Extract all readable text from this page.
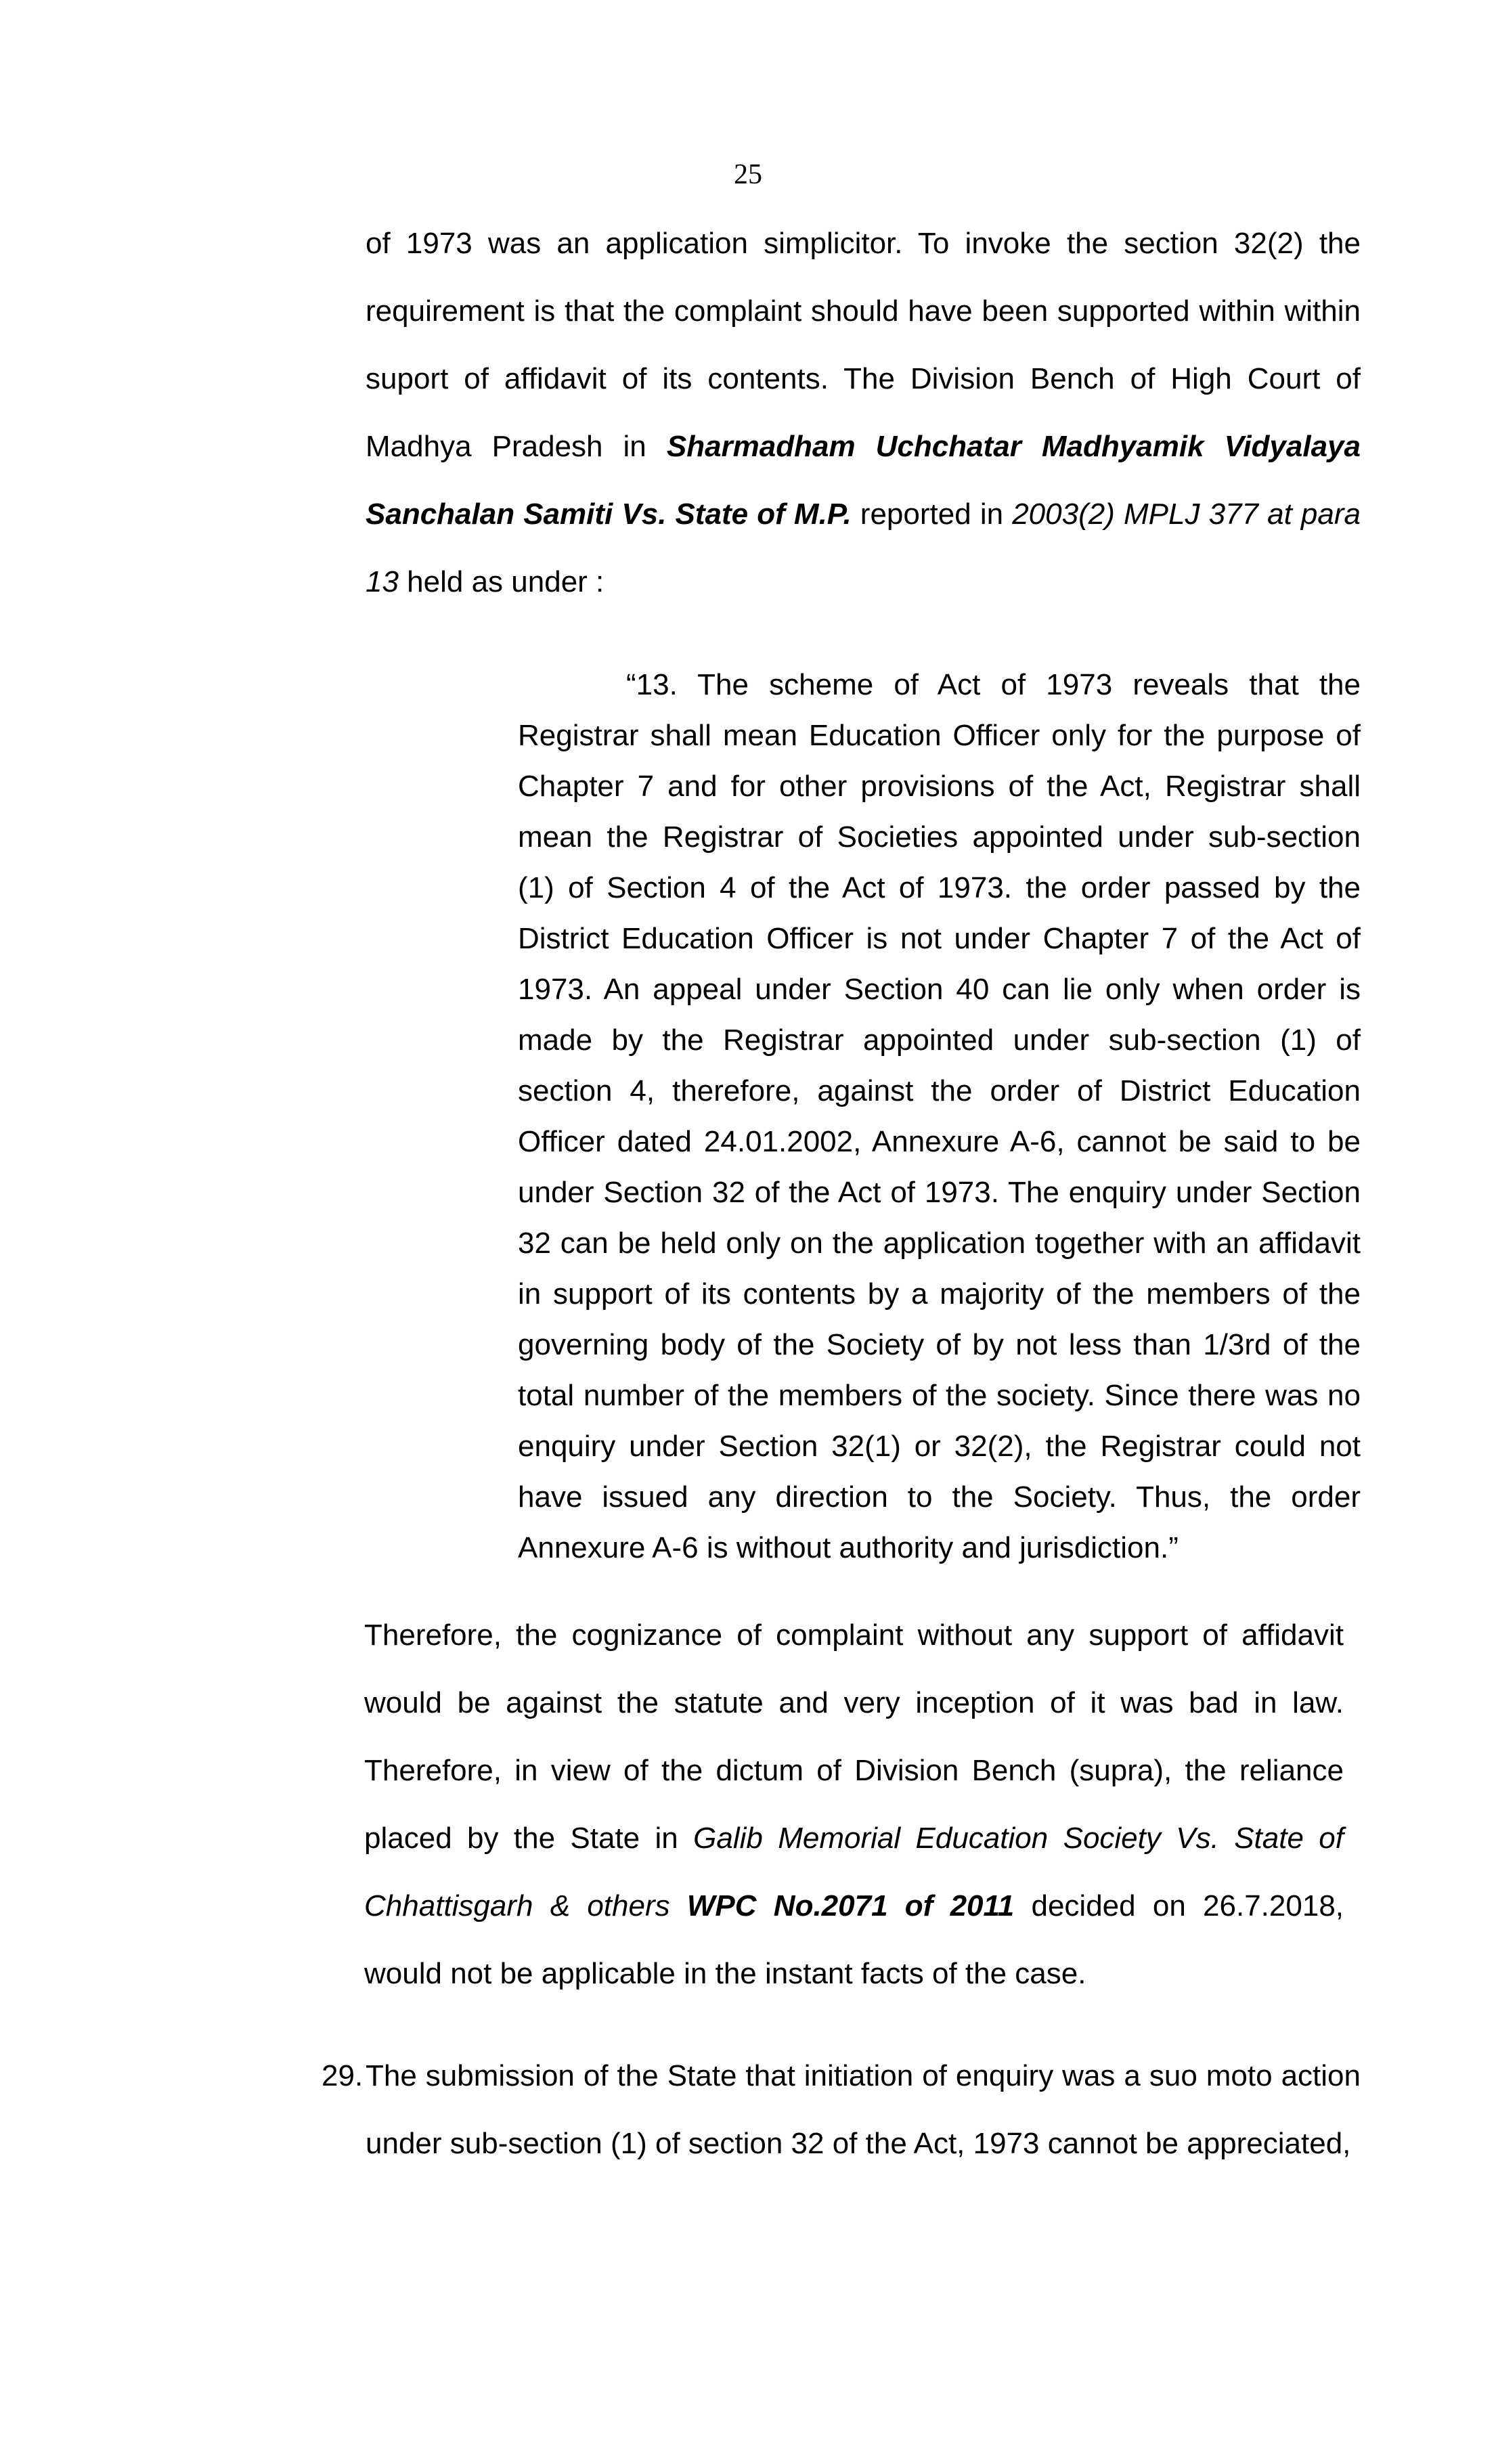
25

of 1973 was an application simplicitor. To invoke the section 32(2) the requirement is that the complaint should have been supported within within suport of affidavit of its contents. The Division Bench of High Court of Madhya Pradesh in Sharmadham Uchchatar Madhyamik Vidyalaya Sanchalan Samiti Vs. State of M.P. reported in 2003(2) MPLJ 377 at para 13 held as under :

“13. The scheme of Act of 1973 reveals that the Registrar shall mean Education Officer only for the purpose of Chapter 7 and for other provisions of the Act, Registrar shall mean the Registrar of Societies appointed under sub-section (1) of Section 4 of the Act of 1973. the order passed by the District Education Officer is not under Chapter 7 of the Act of 1973. An appeal under Section 40 can lie only when order is made by the Registrar appointed under sub-section (1) of section 4, therefore, against the order of District Education Officer dated 24.01.2002, Annexure A-6, cannot be said to be under Section 32 of the Act of 1973. The enquiry under Section 32 can be held only on the application together with an affidavit in support of its contents by a majority of the members of the governing body of the Society of by not less than 1/3rd of the total number of the members of the society. Since there was no enquiry under Section 32(1) or 32(2), the Registrar could not have issued any direction to the Society. Thus, the order Annexure A-6 is without authority and jurisdiction.”

Therefore, the cognizance of complaint without any support of affidavit would be against the statute and very inception of it was bad in law. Therefore, in view of the dictum of Division Bench (supra), the reliance placed by the State in Galib Memorial Education Society Vs. State of Chhattisgarh & others WPC No.2071 of 2011 decided on 26.7.2018, would not be applicable in the instant facts of the case.

29. The submission of the State that initiation of enquiry was a suo moto action under sub-section (1) of section 32 of the Act, 1973 cannot be appreciated,
